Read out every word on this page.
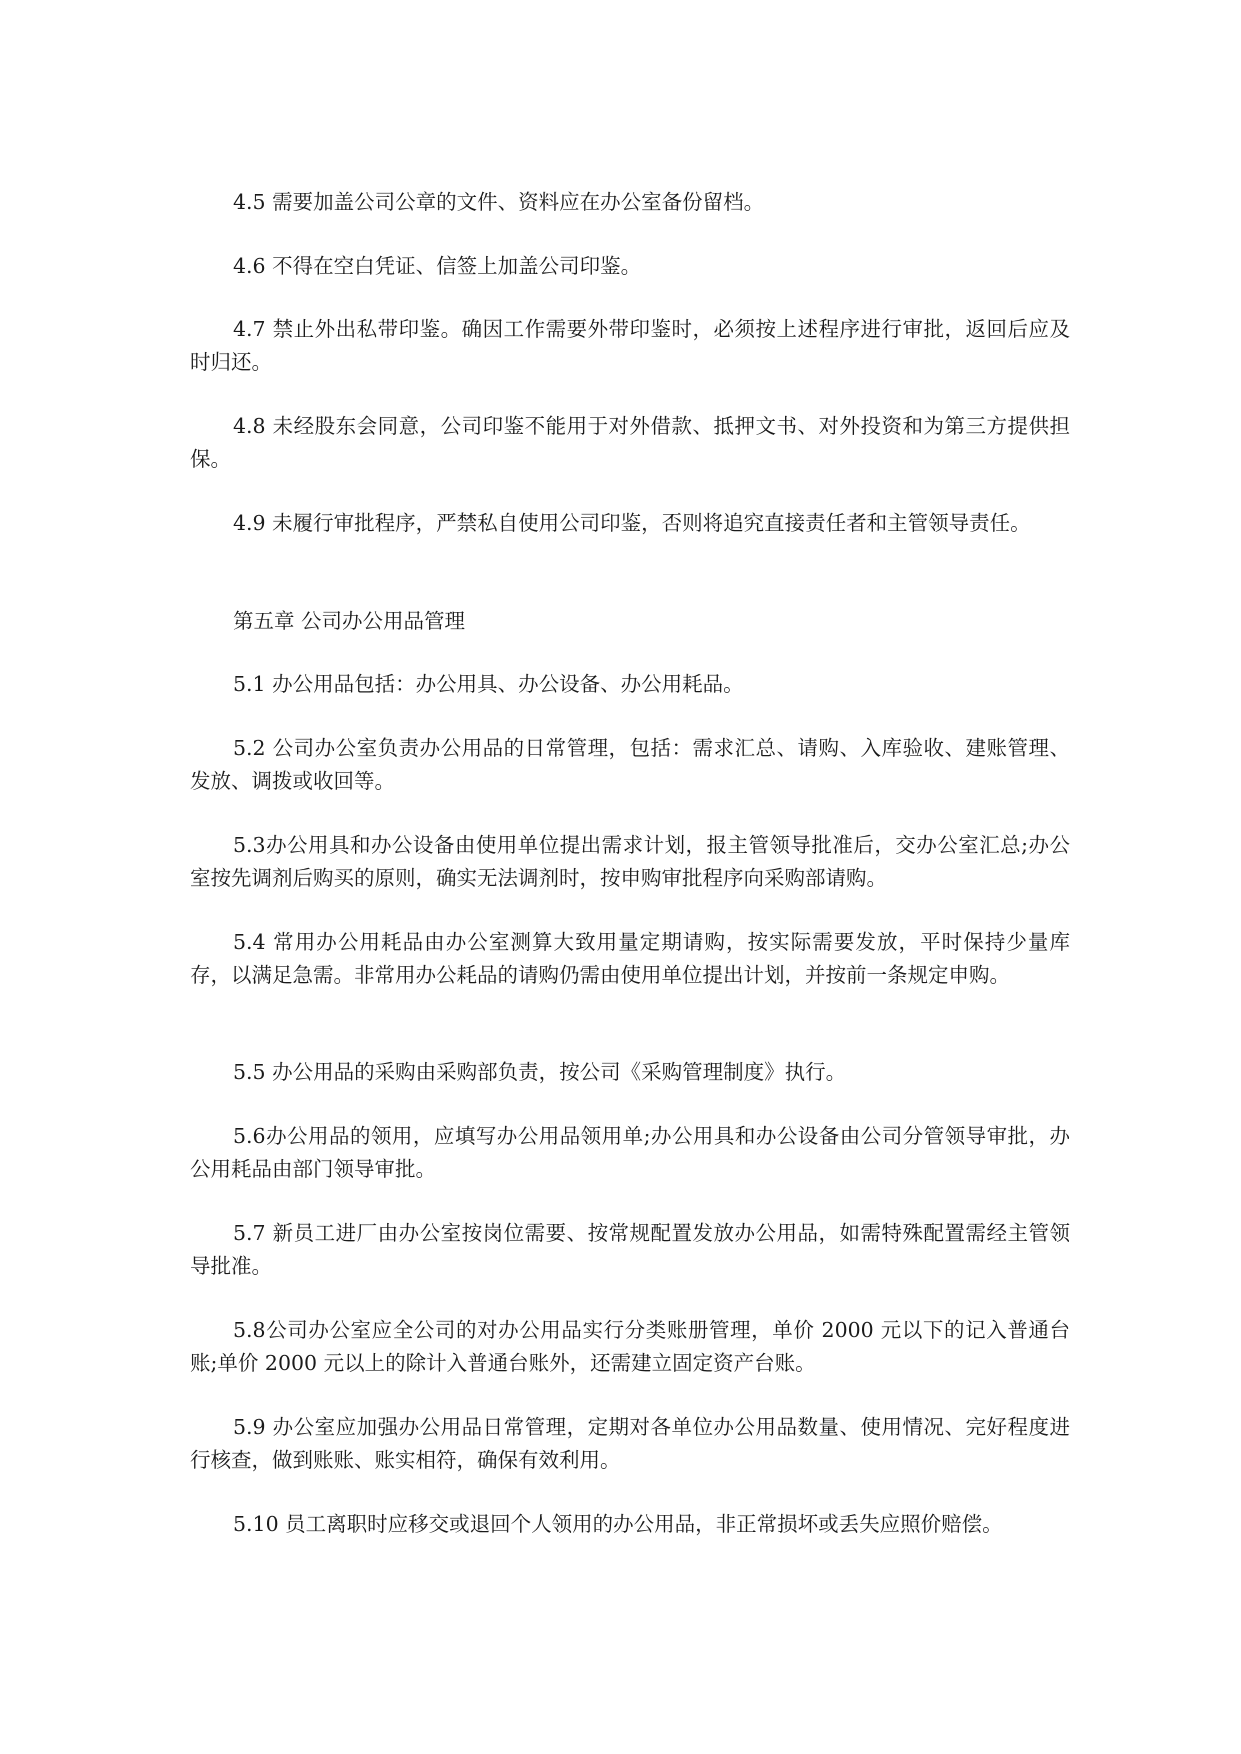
4.5 需要加盖公司公章的文件、资料应在办公室备份留档。

4.6 不得在空白凭证、信签上加盖公司印鉴。

4.7 禁止外出私带印鉴。确因工作需要外带印鉴时，必须按上述程序进行审批，返回后应及时归还。

4.8 未经股东会同意，公司印鉴不能用于对外借款、抵押文书、对外投资和为第三方提供担保。

4.9 未履行审批程序，严禁私自使用公司印鉴，否则将追究直接责任者和主管领导责任。

第五章 公司办公用品管理

5.1 办公用品包括：办公用具、办公设备、办公用耗品。

5.2 公司办公室负责办公用品的日常管理，包括：需求汇总、请购、入库验收、建账管理、发放、调拨或收回等。

5.3办公用具和办公设备由使用单位提出需求计划，报主管领导批准后，交办公室汇总;办公室按先调剂后购买的原则，确实无法调剂时，按申购审批程序向采购部请购。

5.4 常用办公用耗品由办公室测算大致用量定期请购，按实际需要发放，平时保持少量库存，以满足急需。非常用办公耗品的请购仍需由使用单位提出计划，并按前一条规定申购。

5.5 办公用品的采购由采购部负责，按公司《采购管理制度》执行。

5.6办公用品的领用，应填写办公用品领用单;办公用具和办公设备由公司分管领导审批，办公用耗品由部门领导审批。

5.7 新员工进厂由办公室按岗位需要、按常规配置发放办公用品，如需特殊配置需经主管领导批准。

5.8公司办公室应全公司的对办公用品实行分类账册管理，单价 2000 元以下的记入普通台账;单价 2000 元以上的除计入普通台账外，还需建立固定资产台账。

5.9 办公室应加强办公用品日常管理，定期对各单位办公用品数量、使用情况、完好程度进行核查，做到账账、账实相符，确保有效利用。

5.10 员工离职时应移交或退回个人领用的办公用品，非正常损坏或丢失应照价赔偿。
